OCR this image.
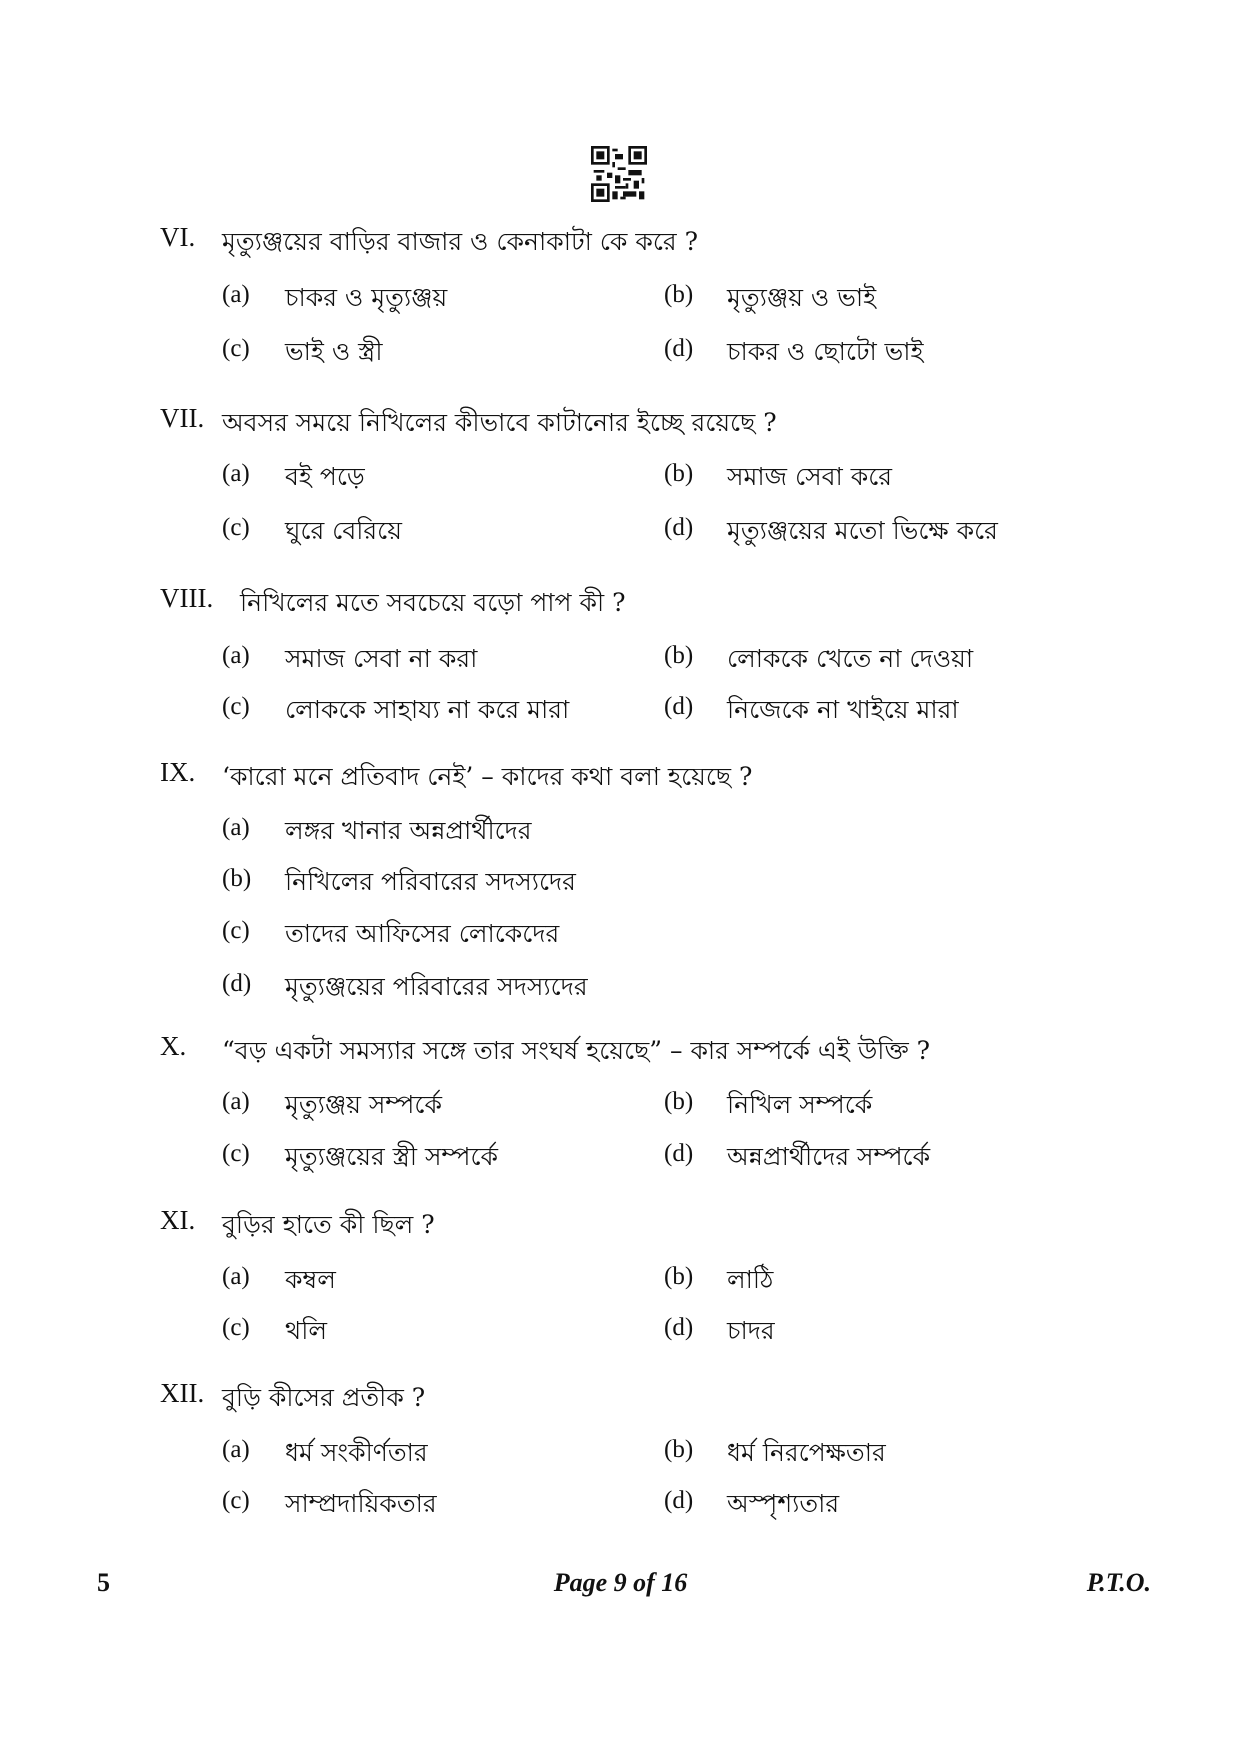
VI. মৃত্যুঞ্জয়ের বাড়ির বাজার ও কেনাকাটা কে করে ?
(a) চাকর ও মৃত্যুঞ্জয়	(b) মৃত্যুঞ্জয় ও ভাই
(c) ভাই ও স্ত্রী	(d) চাকর ও ছোটো ভাই
VII. অবসর সময়ে নিখিলের কীভাবে কাটানোর ইচ্ছে রয়েছে ?
(a) বই পড়ে	(b) সমাজ সেবা করে
(c) ঘুরে বেরিয়ে	(d) মৃত্যুঞ্জয়ের মতো ভিক্ষে করে
VIII. নিখিলের মতে সবচেয়ে বড়ো পাপ কী ?
(a) সমাজ সেবা না করা	(b) লোককে খেতে না দেওয়া
(c) লোককে সাহায্য না করে মারা	(d) নিজেকে না খাইয়ে মারা
IX. ‘কারো মনে প্রতিবাদ নেই’ – কাদের কথা বলা হয়েছে ?
(a) লঙ্গর খানার অন্নপ্রার্থীদের
(b) নিখিলের পরিবারের সদস্যদের
(c) তাদের আফিসের লোকেদের
(d) মৃত্যুঞ্জয়ের পরিবারের সদস্যদের
X. “বড় একটা সমস্যার সঙ্গে তার সংঘর্ষ হয়েছে” – কার সম্পর্কে এই উক্তি ?
(a) মৃত্যুঞ্জয় সম্পর্কে	(b) নিখিল সম্পর্কে
(c) মৃত্যুঞ্জয়ের স্ত্রী সম্পর্কে	(d) অন্নপ্রার্থীদের সম্পর্কে
XI. বুড়ির হাতে কী ছিল ?
(a) কম্বল	(b) লাঠি
(c) থলি	(d) চাদর
XII. বুড়ি কীসের প্রতীক ?
(a) ধর্ম সংকীর্ণতার	(b) ধর্ম নিরপেক্ষতার
(c) সাম্প্রদায়িকতার	(d) অস্পৃশ্যতার
5	Page 9 of 16	P.T.O.
